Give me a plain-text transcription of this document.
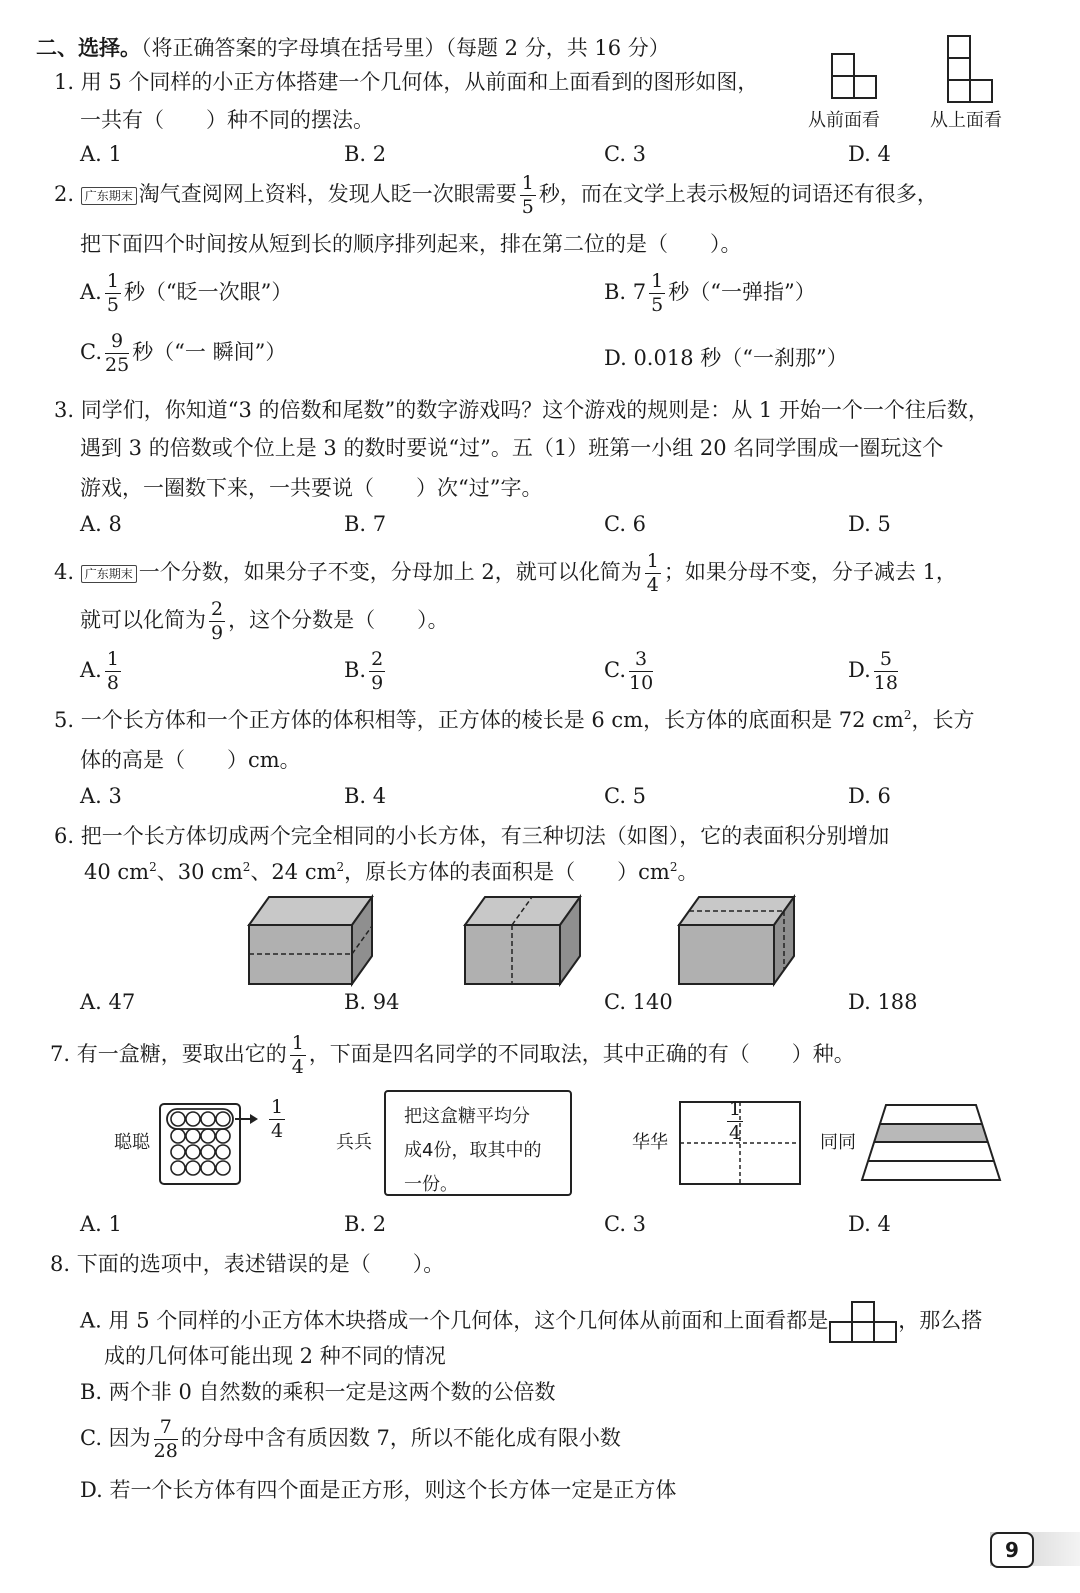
二、选择。（将正确答案的字母填在括号里）（每题 2 分，共 16 分）
1. 用 5 个同样的小正方体搭建一个几何体，从前面和上面看到的图形如图，
一共有（　　）种不同的摆法。	从前面看	从上面看
A. 1	B. 2	C. 3	D. 4
2. 广东期末 淘气查阅网上资料，发现人眨一次眼需要 $\frac{1}{5}$ 秒，而在文学上表示极短的词语还有很多，
把下面四个时间按从短到长的顺序排列起来，排在第二位的是（　　）。
A. $\frac{1}{5}$ 秒（“眨一次眼”）	B. $7 \frac{1}{5}$ 秒（“一弹指”）
C. $\frac{9}{25}$ 秒（“一 瞬间”）	D. 0.018 秒（“一刹那”）
3. 同学们，你知道“3 的倍数和尾数”的数字游戏吗？这个游戏的规则是：从 1 开始一个一个往后数，
遇到 3 的倍数或个位上是 3 的数时要说“过”。五（1）班第一小组 20 名同学围成一圈玩这个
游戏，一圈数下来，一共要说（　　）次“过”字。
A. 8	B. 7	C. 6	D. 5
4. 广东期末 一个分数，如果分子不变，分母加上 2，就可以化简为 $\frac{1}{4}$ ；如果分母不变，分子减去 1，
就可以化简为 $\frac{2}{9}$ ，这个分数是（　　）。
A. $\frac{1}{8}$	B. $\frac{2}{9}$	C. $\frac{3}{10}$	D. $\frac{5}{18}$
5. 一个长方体和一个正方体的体积相等，正方体的棱长是 6 cm，长方体的底面积是 72 $cm^2$，长方
体的高是（　　）cm。
A. 3	B. 4	C. 5	D. 6
6. 把一个长方体切成两个完全相同的小长方体，有三种切法（如图），它的表面积分别增加
40 $cm^2$、30 $cm^2$、24 $cm^2$，原长方体的表面积是（　　）$cm^2$。
A. 47	B. 94	C. 140	D. 188
7. 有一盒糖，要取出它的 $\frac{1}{4}$ ，下面是四名同学的不同取法，其中正确的有（　　）种。
聪聪
$\frac{1}{4}$
兵兵
把这盒糖平均分
成4份，取其中的
一份。
华华	$\frac{1}{4}$	同同
A. 1	B. 2	C. 3	D. 4
8. 下面的选项中，表述错误的是（　　）。
A. 用 5 个同样的小正方体木块搭成一个几何体，这个几何体从前面和上面看都是	，那么搭
成的几何体可能出现 2 种不同的情况
B. 两个非 0 自然数的乘积一定是这两个数的公倍数
C. 因为 $\frac{7}{28}$ 的分母中含有质因数 7，所以不能化成有限小数
D. 若一个长方体有四个面是正方形，则这个长方体一定是正方体
9
